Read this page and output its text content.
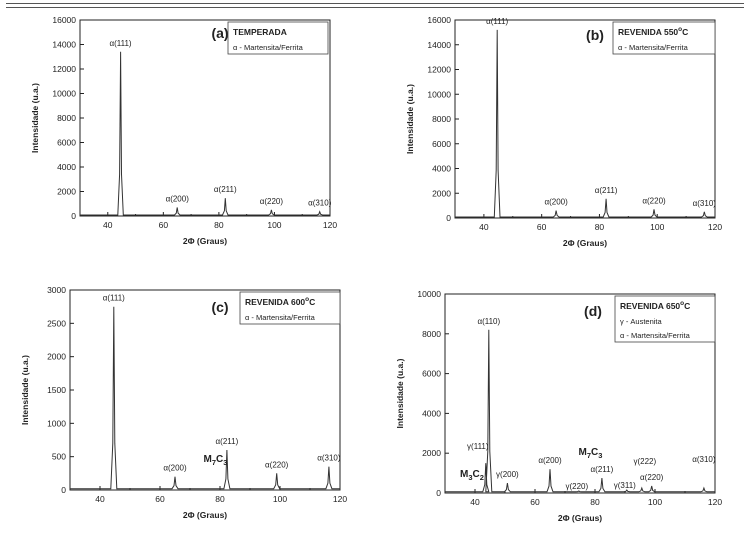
0
2000
4000
6000
8000
10000
12000
14000
16000
40	60	80	100	120
2Φ (Graus)
Intensidade (u.a.)
α(111)
α(200)
α(211)
α(220)	α(310)
TEMPERADA
α - Martensita/Ferrita
(a)
0
2000
4000
6000
8000
10000
12000
14000
16000
40	60	80	100	120
2Φ (Graus)
Intensidade (u.a.)
α(111)
α(200)
α(211)
α(220)	α(310)
REVENIDA 550$^o$C
α - Martensita/Ferrita
(b)
0
500
1000
1500
2000
2500
3000
40	60	80	100	120
2Φ (Graus)
Intensidade (u.a.)
α(111)
α(200)
α(211)
α(220)
α(310)
REVENIDA 600$^o$C
α - Martensita/Ferrita
(c)
$M_7C_3$
0
2000
4000
6000
8000
10000
40	60	80	100	120
2Φ (Graus)
Intensidade (u.a.)
α(110)
γ(111)
γ(200)
α(200)
γ(220)
α(211)
γ(311)
γ(222)
α(220)
α(310)
REVENIDA 650$^o$C
γ - Austenita
α - Martensita/Ferrita
(d)
$M_3C_2$
$M_7C_3$
